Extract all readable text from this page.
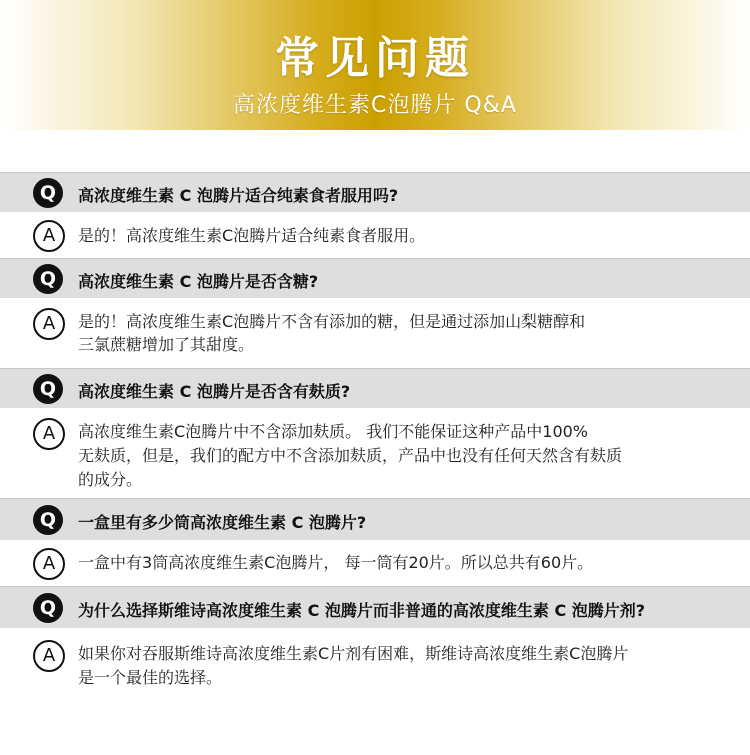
常见问题
高浓度维生素C泡腾片 Q&A
Q	高浓度维生素 C 泡腾片适合纯素食者服用吗?
A	是的！高浓度维生素C泡腾片适合纯素食者服用。
Q	高浓度维生素 C 泡腾片是否含糖?
A	是的！高浓度维生素C泡腾片不含有添加的糖，但是通过添加山梨糖醇和
三氯蔗糖增加了其甜度。
Q	高浓度维生素 C 泡腾片是否含有麸质?
A	高浓度维生素C泡腾片中不含添加麸质。 我们不能保证这种产品中100%
无麸质，但是，我们的配方中不含添加麸质，产品中也没有任何天然含有麸质
的成分。
Q	一盒里有多少筒高浓度维生素 C 泡腾片?
A	一盒中有3筒高浓度维生素C泡腾片， 每一筒有20片。所以总共有60片。
Q	为什么选择斯维诗高浓度维生素 C 泡腾片而非普通的高浓度维生素 C 泡腾片剂?
A	如果你对吞服斯维诗高浓度维生素C片剂有困难，斯维诗高浓度维生素C泡腾片
是一个最佳的选择。
